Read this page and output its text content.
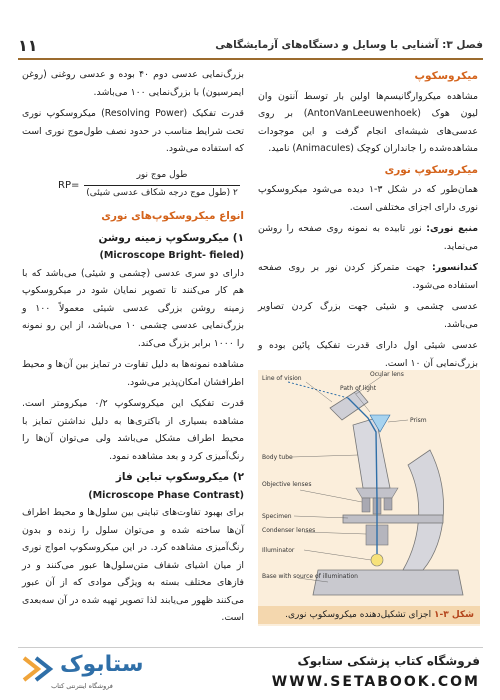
۱۱	فصل ۳: آشنایی با وسایل و دستگاه‌های آزمایشگاهی
میکروسکوپ

مشاهده میکروارگانیسم‌ها اولین بار توسط آنتون وان لیون هوک (AntonVanLeeuwenhoek) بر روی عدسی‌های شیشه‌ای انجام گرفت و این موجودات مشاهده‌شده را جانداران کوچک (Animacules) نامید.

میکروسکوپ نوری

همان‌طور که در شکل ۳-۱ دیده می‌شود میکروسکوپ نوری دارای اجزای مختلفی است.

منبع نوری: نور تابیده به نمونه روی صفحه را روشن می‌نماید.

کندانسور: جهت متمرکز کردن نور بر روی صفحه استفاده می‌شود.

عدسی چشمی و شیئی جهت بزرگ کردن تصاویر می‌باشد.

عدسی شیئی اول دارای قدرت تفکیک پائین بوده و بزرگ‌نمایی آن ۱۰ است.

بزرگ‌نمایی عدسی دوم ۴۰ بوده و عدسی روغنی (روغن ایمرسیون) با بزرگ‌نمایی ۱۰۰ می‌باشد.

قدرت تفکیک (Resolving Power) میکروسکوپ نوری تحت شرایط مناسب در حدود نصف طول‌موج نوری است که استفاده می‌شود.

RP=
طول موج نور
۲ (طول موج درجه شکاف عدسی شیئی)
انواع میکروسکوپ‌های نوری
۱) میکروسکوپ زمینه روشن
(Microscope Bright- fieled)

دارای دو سری عدسی (چشمی و شیئی) می‌باشد که با هم کار می‌کنند تا تصویر نمایان شود در میکروسکوپ زمینه روشن بزرگی عدسی شیئی معمولاً ۱۰۰ و بزرگ‌نمایی عدسی چشمی ۱۰ می‌باشد، از این رو نمونه را ۱۰۰۰ برابر بزرگ می‌کند.

مشاهده نمونه‌ها به دلیل تفاوت در تمایز بین آن‌ها و محیط اطرافشان امکان‌پذیر می‌شود.

قدرت تفکیک این میکروسکوپ ۰/۲ میکرومتر است. مشاهده بسیاری از باکتری‌ها به دلیل نداشتن تمایز با محیط اطراف مشکل می‌باشد ولی می‌توان آن‌ها را رنگ‌آمیزی کرد و بعد مشاهده نمود.

۲) میکروسکوپ تباین فاز
(Microscope Phase Contrast)

برای بهبود تفاوت‌های تباینی بین سلول‌ها و محیط اطراف آن‌ها ساخته شده و می‌توان سلول را زنده و بدون رنگ‌آمیزی مشاهده کرد. در این میکروسکوپ امواج نوری از میان اشیای شفاف متن‌سلول‌ها عبور می‌کنند و در فازهای مختلف بسته به ویژگی موادی که از آن عبور می‌کنند ظهور می‌یابند لذا تصویر تهیه شده در آن سه‌بعدی است.

Line of vision
Ocular lens
Path of light
Prism
Body tube
Objective lenses
Specimen
Condenser lenses
Illuminator
Base with source of illumination
شکل ۳-۱ اجزای تشکیل‌دهنده میکروسکوپ نوری.
ستابوک
فروشگاه اینترنتی کتاب
فروشگاه کتاب پزشکی ستابوک
WWW.SETABOOK.COM
